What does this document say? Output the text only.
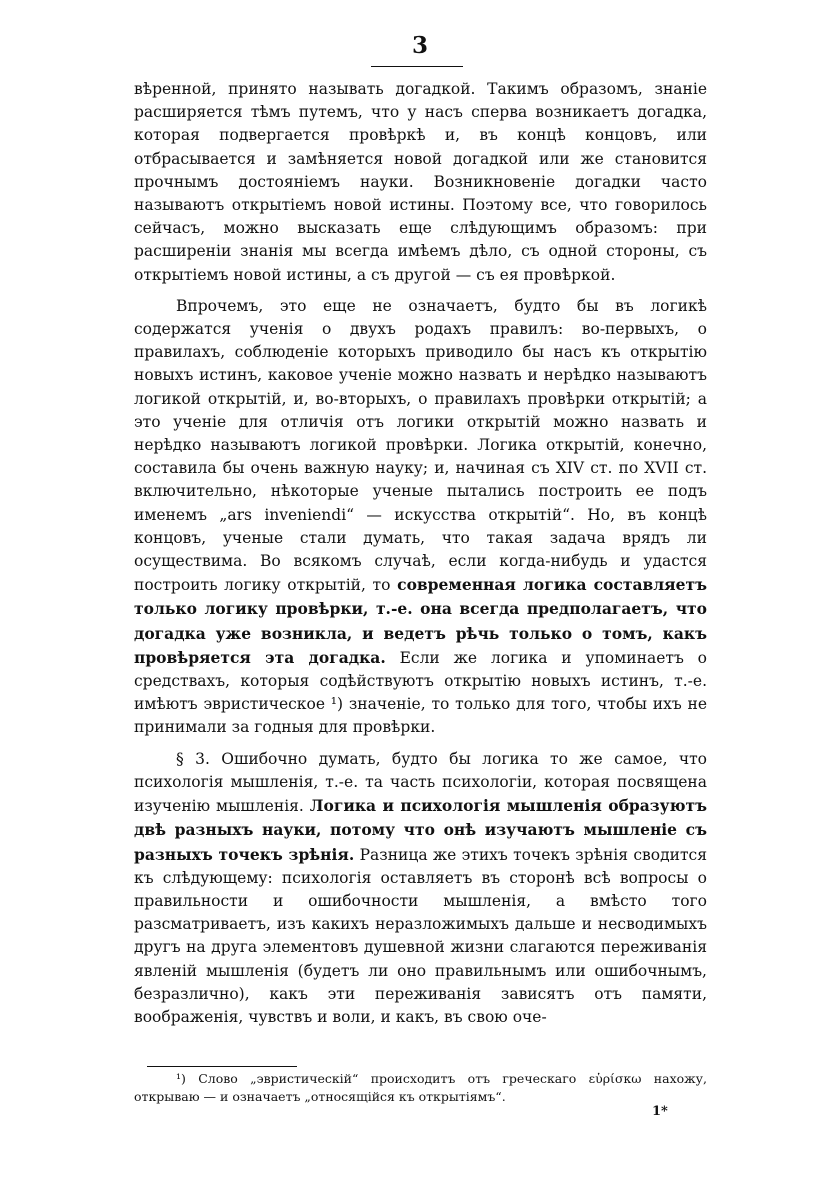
3

вѣренной, принято называть догадкой. Такимъ образомъ, знаніе расширяется тѣмъ путемъ, что у насъ сперва возникаетъ догадка, которая подвергается провѣркѣ и, въ концѣ концовъ, или отбрасывается и замѣняется новой догадкой или же становится прочнымъ достояніемъ науки. Возникновеніе догадки часто называютъ открытіемъ новой истины. Поэтому все, что говорилось сейчасъ, можно высказать еще слѣдующимъ образомъ: при расширеніи знанія мы всегда имѣемъ дѣло, съ одной стороны, съ открытіемъ новой истины, а съ другой — съ ея провѣркой.

Впрочемъ, это еще не означаетъ, будто бы въ логикѣ содержатся ученія о двухъ родахъ правилъ: во-первыхъ, о правилахъ, соблюденіе которыхъ приводило бы насъ къ открытію новыхъ истинъ, каковое ученіе можно назвать и нерѣдко называютъ логикой открытій, и, во-вторыхъ, о правилахъ провѣрки открытій; а это ученіе для отличія отъ логики открытій можно назвать и нерѣдко называютъ логикой провѣрки. Логика открытій, конечно, составила бы очень важную науку; и, начиная съ XIV ст. по XVII ст. включительно, нѣкоторые ученые пытались построить ее подъ именемъ „ars inveniendi“ — искусства открытій“. Но, въ концѣ концовъ, ученые стали думать, что такая задача врядъ ли осуществима. Во всякомъ случаѣ, если когда-нибудь и удастся построить логику открытій, то современная логика составляетъ только логику провѣрки, т.-е. она всегда предполагаетъ, что догадка уже возникла, и ведетъ рѣчь только о томъ, какъ провѣряется эта догадка. Если же логика и упоминаетъ о средствахъ, которыя содѣйствуютъ открытію новыхъ истинъ, т.-е. имѣютъ эвристическое ¹) значеніе, то только для того, чтобы ихъ не принимали за годныя для провѣрки.

§ 3. Ошибочно думать, будто бы логика то же самое, что психологія мышленія, т.-е. та часть психологіи, которая посвящена изученію мышленія. Логика и психологія мышленія образуютъ двѣ разныхъ науки, потому что онѣ изучаютъ мышленіе съ разныхъ точекъ зрѣнія. Разница же этихъ точекъ зрѣнія сводится къ слѣдующему: психологія оставляетъ въ сторонѣ всѣ вопросы о правильности и ошибочности мышленія, а вмѣсто того разсматриваетъ, изъ какихъ неразложимыхъ дальше и несводимыхъ другъ на друга элементовъ душевной жизни слагаются переживанія явленій мышленія (будетъ ли оно правильнымъ или ошибочнымъ, безразлично), какъ эти переживанія зависятъ отъ памяти, воображенія, чувствъ и воли, и какъ, въ свою оче-

¹) Слово „эвристическій“ происходитъ отъ греческаго εὑρίσκω нахожу, открываю — и означаетъ „относящійся къ открытіямъ“.

1*
